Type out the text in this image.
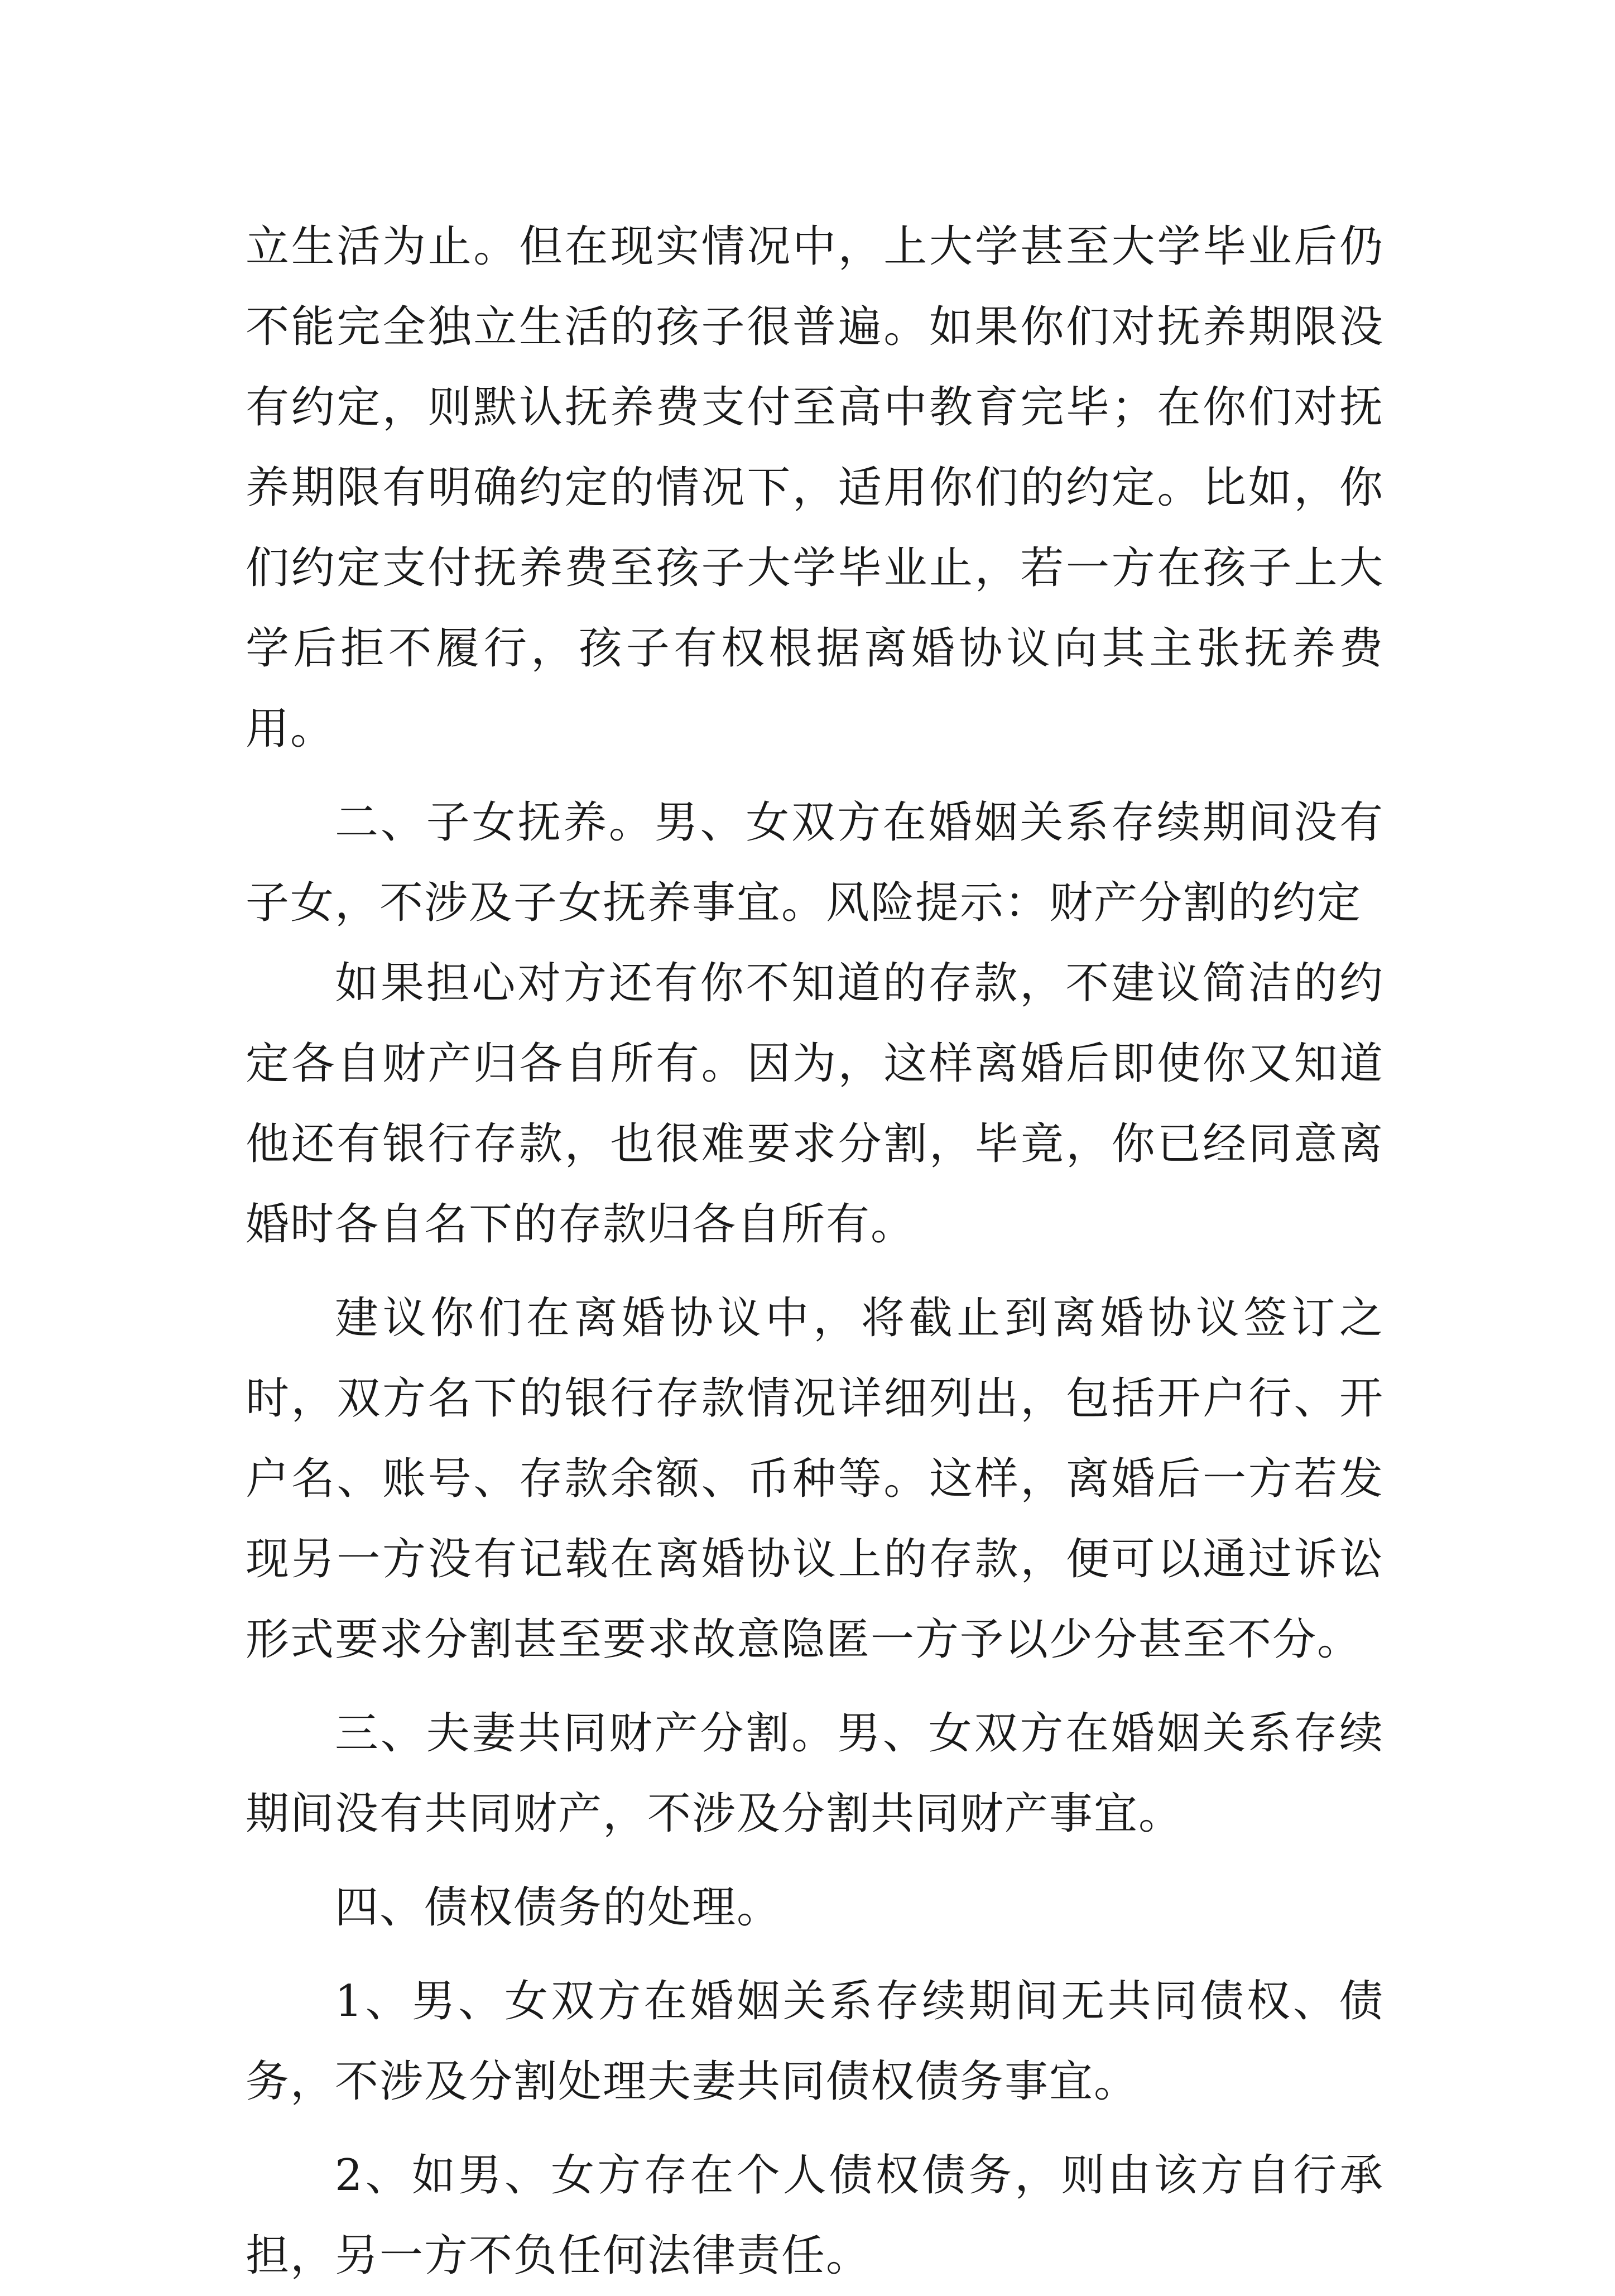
立生活为止。但在现实情况中，上大学甚至大学毕业后仍不能完全独立生活的孩子很普遍。如果你们对抚养期限没有约定，则默认抚养费支付至高中教育完毕；在你们对抚养期限有明确约定的情况下，适用你们的约定。比如，你们约定支付抚养费至孩子大学毕业止，若一方在孩子上大学后拒不履行，孩子有权根据离婚协议向其主张抚养费用。

二、子女抚养。男、女双方在婚姻关系存续期间没有子女，不涉及子女抚养事宜。风险提示：财产分割的约定

如果担心对方还有你不知道的存款，不建议简洁的约定各自财产归各自所有。因为，这样离婚后即使你又知道他还有银行存款，也很难要求分割，毕竟，你已经同意离婚时各自名下的存款归各自所有。

建议你们在离婚协议中，将截止到离婚协议签订之时，双方名下的银行存款情况详细列出，包括开户行、开户名、账号、存款余额、币种等。这样，离婚后一方若发现另一方没有记载在离婚协议上的存款，便可以通过诉讼形式要求分割甚至要求故意隐匿一方予以少分甚至不分。

三、夫妻共同财产分割。男、女双方在婚姻关系存续期间没有共同财产，不涉及分割共同财产事宜。

四、债权债务的处理。

1、男、女双方在婚姻关系存续期间无共同债权、债务，不涉及分割处理夫妻共同债权债务事宜。

2、如男、女方存在个人债权债务，则由该方自行承担，另一方不负任何法律责任。
